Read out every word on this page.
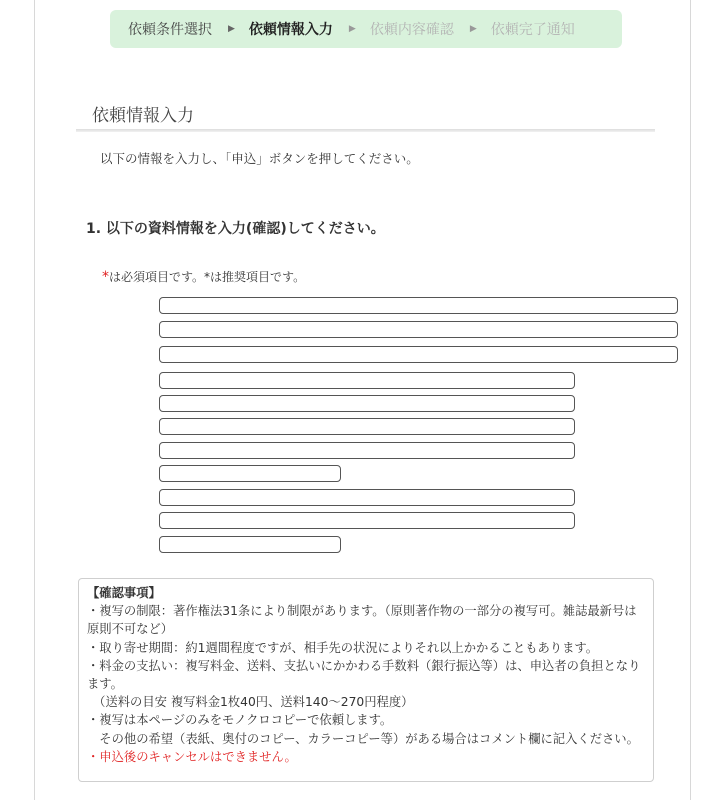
依頼条件選択 ▶ 依頼情報入力 ▶ 依頼内容確認 ▶ 依頼完了通知
依頼情報入力
以下の情報を入力し、「申込」ボタンを押してください。
1. 以下の資料情報を入力(確認)してください。
*は必須項目です。*は推奨項目です。
【確認事項】
・複写の制限：著作権法31条により制限があります。（原則著作物の一部分の複写可。雑誌最新号は原則不可など）
・取り寄せ期間：約1週間程度ですが、相手先の状況によりそれ以上かかることもあります。
・料金の支払い：複写料金、送料、支払いにかかわる手数料（銀行振込等）は、申込者の負担となります。
　（送料の目安 複写料金1枚40円、送料140～270円程度）
・複写は本ページのみをモノクロコピーで依頼します。
　その他の希望（表紙、奥付のコピー、カラーコピー等）がある場合はコメント欄に記入ください。
・申込後のキャンセルはできません。
